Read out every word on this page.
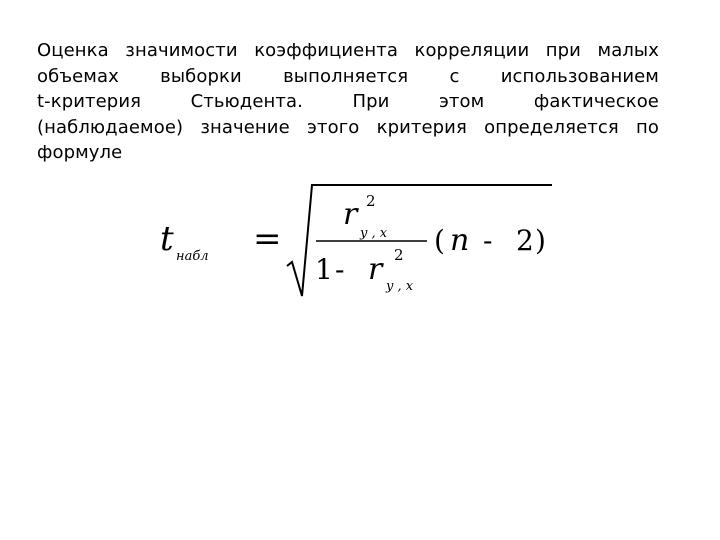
Оценка значимости коэффициента корреляции при малых
объемах выборки выполняется с использованием
t-критерия Стьюдента. При этом фактическое
(наблюдаемое) значение этого критерия определяется по
формуле
t набл =
r 2
y , x
1 - r 2
y , x
( n - 2 )
